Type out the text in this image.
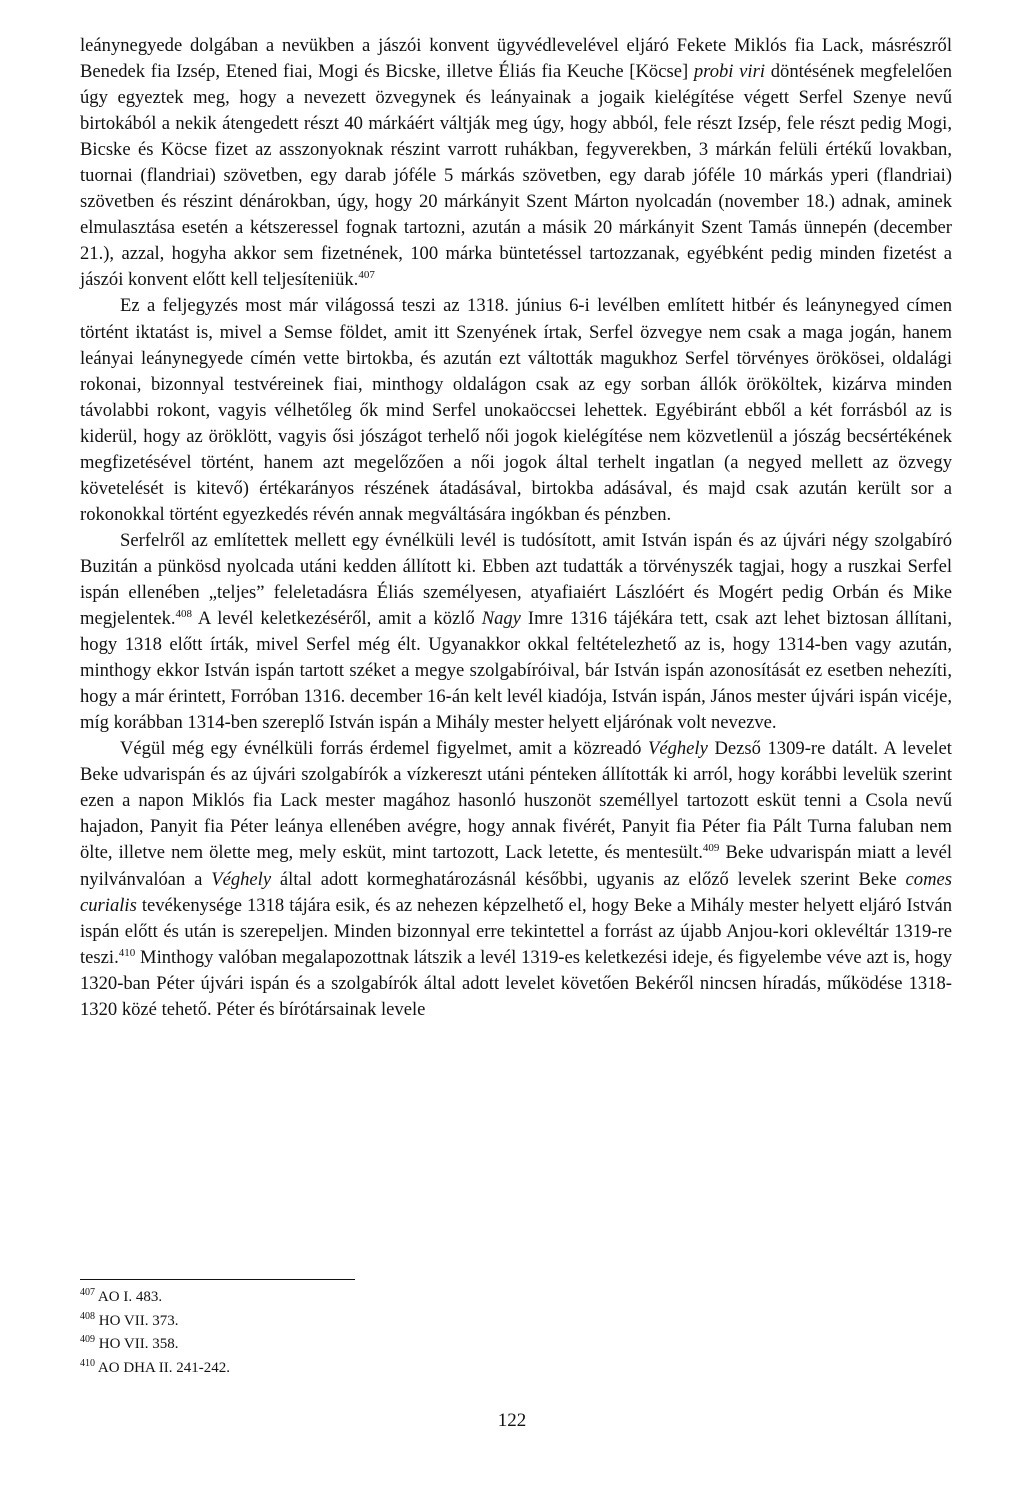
leánynegyede dolgában a nevükben a jászói konvent ügyvédlevelével eljáró Fekete Miklós fia Lack, másrészről Benedek fia Izsép, Etened fiai, Mogi és Bicske, illetve Éliás fia Keuche [Köcse] probi viri döntésének megfelelően úgy egyeztek meg, hogy a nevezett özvegynek és leányainak a jogaik kielégítése végett Serfel Szenye nevű birtokából a nekik átengedett részt 40 márkáért váltják meg úgy, hogy abból, fele részt Izsép, fele részt pedig Mogi, Bicske és Köcse fizet az asszonyoknak részint varrott ruhákban, fegyverekben, 3 márkán felüli értékű lovakban, tuornai (flandriai) szövetben, egy darab jóféle 5 márkás szövetben, egy darab jóféle 10 márkás yperi (flandriai) szövetben és részint dénárokban, úgy, hogy 20 márkányit Szent Márton nyolcadán (november 18.) adnak, aminek elmulasztása esetén a kétszeressel fognak tartozni, azután a másik 20 márkányit Szent Tamás ünnepén (december 21.), azzal, hogyha akkor sem fizetnének, 100 márka büntetéssel tartozzanak, egyébként pedig minden fizetést a jászói konvent előtt kell teljesíteniük.$^{407}$

Ez a feljegyzés most már világossá teszi az 1318. június 6-i levélben említett hitbér és leánynegyed címen történt iktatást is, mivel a Semse földet, amit itt Szenyének írtak, Serfel özvegye nem csak a maga jogán, hanem leányai leánynegyede címén vette birtokba, és azután ezt váltották magukhoz Serfel törvényes örökösei, oldalági rokonai, bizonnyal testvéreinek fiai, minthogy oldalágon csak az egy sorban állók örököltek, kizárva minden távolabbi rokont, vagyis vélhetőleg ők mind Serfel unokaöccsei lehettek. Egyébiránt ebből a két forrásból az is kiderül, hogy az öröklött, vagyis ősi jószágot terhelő női jogok kielégítése nem közvetlenül a jószág becsértékének megfizetésével történt, hanem azt megelőzően a női jogok által terhelt ingatlan (a negyed mellett az özvegy követelését is kitevő) értékarányos részének átadásával, birtokba adásával, és majd csak azután került sor a rokonokkal történt egyezkedés révén annak megváltására ingókban és pénzben.

Serfelről az említettek mellett egy évnélküli levél is tudósított, amit István ispán és az újvári négy szolgabíró Buzitán a pünkösd nyolcada utáni kedden állított ki. Ebben azt tudatták a törvényszék tagjai, hogy a ruszkai Serfel ispán ellenében „teljes” feleletadásra Éliás személyesen, atyafiaiért Lászlóért és Mogért pedig Orbán és Mike megjelentek.$^{408}$ A levél keletkezéséről, amit a közlő Nagy Imre 1316 tájékára tett, csak azt lehet biztosan állítani, hogy 1318 előtt írták, mivel Serfel még élt. Ugyanakkor okkal feltételezhető az is, hogy 1314-ben vagy azután, minthogy ekkor István ispán tartott széket a megye szolgabíróival, bár István ispán azonosítását ez esetben nehezíti, hogy a már érintett, Forróban 1316. december 16-án kelt levél kiadója, István ispán, János mester újvári ispán vicéje, míg korábban 1314-ben szereplő István ispán a Mihály mester helyett eljárónak volt nevezve.

Végül még egy évnélküli forrás érdemel figyelmet, amit a közreadó Véghely Dezső 1309-re datált. A levelet Beke udvarispán és az újvári szolgabírók a vízkereszt utáni pénteken állították ki arról, hogy korábbi levelük szerint ezen a napon Miklós fia Lack mester magához hasonló huszonöt személlyel tartozott esküt tenni a Csola nevű hajadon, Panyit fia Péter leánya ellenében avégre, hogy annak fivérét, Panyit fia Péter fia Pált Turna faluban nem ölte, illetve nem ölette meg, mely esküt, mint tartozott, Lack letette, és mentesült.$^{409}$ Beke udvarispán miatt a levél nyilvánvalóan a Véghely által adott kormeghatározásnál későbbi, ugyanis az előző levelek szerint Beke comes curialis tevékenysége 1318 tájára esik, és az nehezen képzelhető el, hogy Beke a Mihály mester helyett eljáró István ispán előtt és után is szerepeljen. Minden bizonnyal erre tekintettel a forrást az újabb Anjou-kori oklevéltár 1319-re teszi.$^{410}$ Minthogy valóban megalapozottnak látszik a levél 1319-es keletkezési ideje, és figyelembe véve azt is, hogy 1320-ban Péter újvári ispán és a szolgabírók által adott levelet követően Bekéről nincsen híradás, működése 1318-1320 közé tehető. Péter és bírótársainak levele

$^{407}$ AO I. 483.
$^{408}$ HO VII. 373.
$^{409}$ HO VII. 358.
$^{410}$ AO DHA II. 241-242.
122
